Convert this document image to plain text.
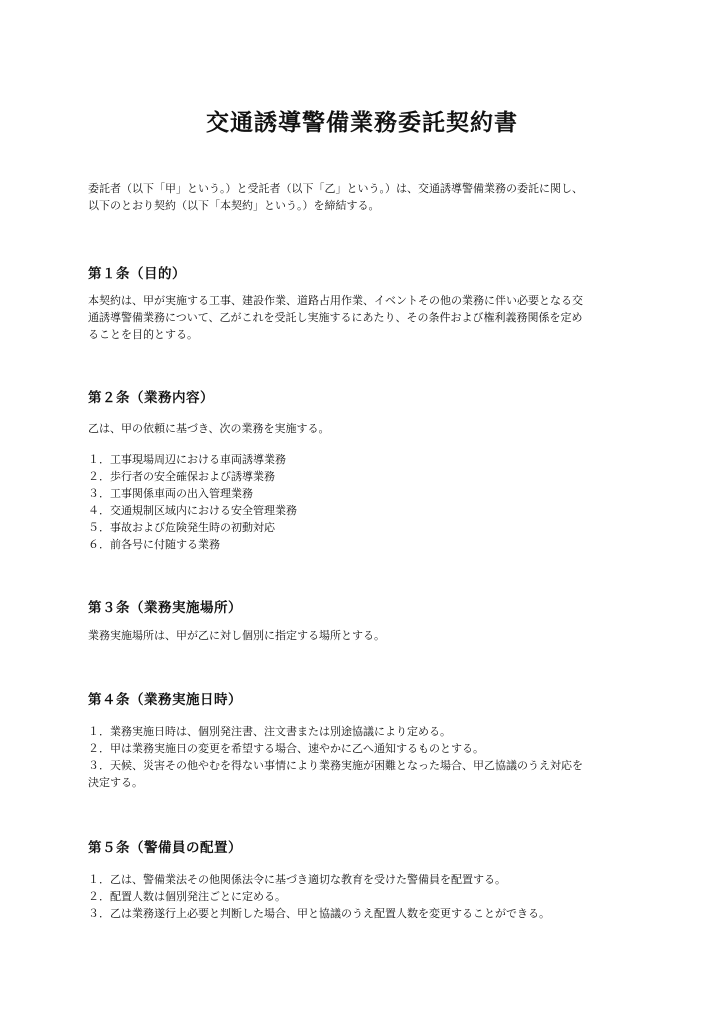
交通誘導警備業務委託契約書

委託者（以下「甲」という。）と受託者（以下「乙」という。）は、交通誘導警備業務の委託に関し、

以下のとおり契約（以下「本契約」という。）を締結する。

第１条（目的）

本契約は、甲が実施する工事、建設作業、道路占用作業、イベントその他の業務に伴い必要となる交

通誘導警備業務について、乙がこれを受託し実施するにあたり、その条件および権利義務関係を定め

ることを目的とする。

第２条（業務内容）

乙は、甲の依頼に基づき、次の業務を実施する。

１．工事現場周辺における車両誘導業務
２．歩行者の安全確保および誘導業務
３．工事関係車両の出入管理業務
４．交通規制区域内における安全管理業務
５．事故および危険発生時の初動対応
６．前各号に付随する業務
第３条（業務実施場所）

業務実施場所は、甲が乙に対し個別に指定する場所とする。

第４条（業務実施日時）
１．業務実施日時は、個別発注書、注文書または別途協議により定める。
２．甲は業務実施日の変更を希望する場合、速やかに乙へ通知するものとする。
３．天候、災害その他やむを得ない事情により業務実施が困難となった場合、甲乙協議のうえ対応を
決定する。
第５条（警備員の配置）
１．乙は、警備業法その他関係法令に基づき適切な教育を受けた警備員を配置する。
２．配置人数は個別発注ごとに定める。
３．乙は業務遂行上必要と判断した場合、甲と協議のうえ配置人数を変更することができる。
